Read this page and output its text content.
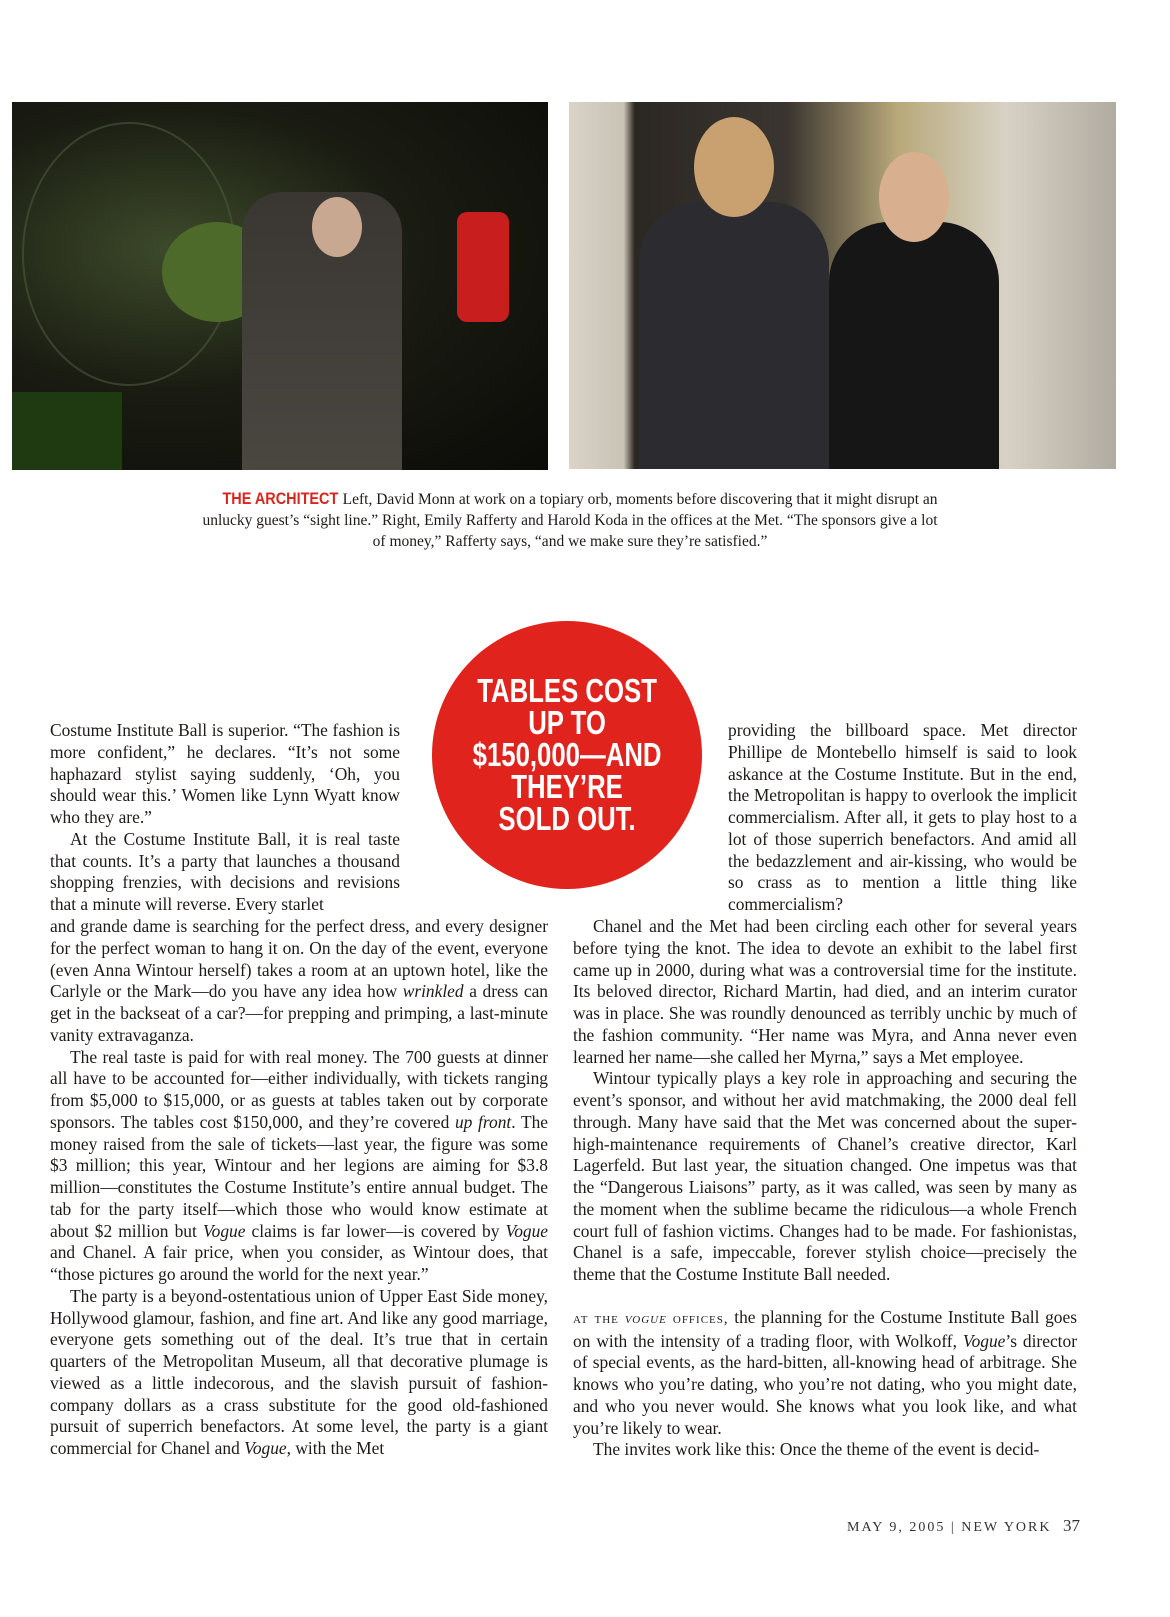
THE ARCHITECT Left, David Monn at work on a topiary orb, moments before discovering that it might disrupt an unlucky guest’s “sight line.” Right, Emily Rafferty and Harold Koda in the offices at the Met. “The sponsors give a lot of money,” Rafferty says, “and we make sure they’re satisfied.”
TABLES COST
UP TO
$150,000—AND
THEY’RE
SOLD OUT.

Costume Institute Ball is superior. “The fashion is more confident,” he declares. “It’s not some haphazard stylist saying suddenly, ‘Oh, you should wear this.’ Women like Lynn Wyatt know who they are.”

At the Costume Institute Ball, it is real taste that counts. It’s a party that launches a thousand shopping frenzies, with decisions and revisions that a minute will reverse. Every starlet

and grande dame is searching for the perfect dress, and every designer for the perfect woman to hang it on. On the day of the event, everyone (even Anna Wintour herself) takes a room at an uptown hotel, like the Carlyle or the Mark—do you have any idea how wrinkled a dress can get in the backseat of a car?—for prepping and primping, a last-minute vanity extravaganza.

The real taste is paid for with real money. The 700 guests at dinner all have to be accounted for—either individually, with tickets ranging from $5,000 to $15,000, or as guests at tables taken out by corporate sponsors. The tables cost $150,000, and they’re covered up front. The money raised from the sale of tickets—last year, the figure was some $3 million; this year, Wintour and her legions are aiming for $3.8 million—constitutes the Costume Institute’s entire annual budget. The tab for the party itself—which those who would know estimate at about $2 million but Vogue claims is far lower—is covered by Vogue and Chanel. A fair price, when you consider, as Wintour does, that “those pictures go around the world for the next year.”

The party is a beyond-ostentatious union of Upper East Side money, Hollywood glamour, fashion, and fine art. And like any good marriage, everyone gets something out of the deal. It’s true that in certain quarters of the Metropolitan Museum, all that decorative plumage is viewed as a little indecorous, and the slavish pursuit of fashion-company dollars as a crass substitute for the good old-fashioned pursuit of superrich benefactors. At some level, the party is a giant commercial for Chanel and Vogue, with the Met

providing the billboard space. Met director Phillipe de Montebello himself is said to look askance at the Costume Institute. But in the end, the Metropolitan is happy to overlook the implicit commercialism. After all, it gets to play host to a lot of those superrich benefactors. And amid all the bedazzlement and air-kissing, who would be so crass as to mention a little thing like commercialism?

Chanel and the Met had been circling each other for several years before tying the knot. The idea to devote an exhibit to the label first came up in 2000, during what was a controversial time for the institute. Its beloved director, Richard Martin, had died, and an interim curator was in place. She was roundly denounced as terribly unchic by much of the fashion community. “Her name was Myra, and Anna never even learned her name—she called her Myrna,” says a Met employee.

Wintour typically plays a key role in approaching and securing the event’s sponsor, and without her avid matchmaking, the 2000 deal fell through. Many have said that the Met was concerned about the super-high-maintenance requirements of Chanel’s creative director, Karl Lagerfeld. But last year, the situation changed. One impetus was that the “Dangerous Liaisons” party, as it was called, was seen by many as the moment when the sublime became the ridiculous—a whole French court full of fashion victims. Changes had to be made. For fashionistas, Chanel is a safe, impeccable, forever stylish choice—precisely the theme that the Costume Institute Ball needed.

at the vogue offices, the planning for the Costume Institute Ball goes on with the intensity of a trading floor, with Wolkoff, Vogue’s director of special events, as the hard-bitten, all-knowing head of arbitrage. She knows who you’re dating, who you’re not dating, who you might date, and who you never would. She knows what you look like, and what you’re likely to wear.

The invites work like this: Once the theme of the event is decid-

MAY 9, 2005 | NEW YORK 37
